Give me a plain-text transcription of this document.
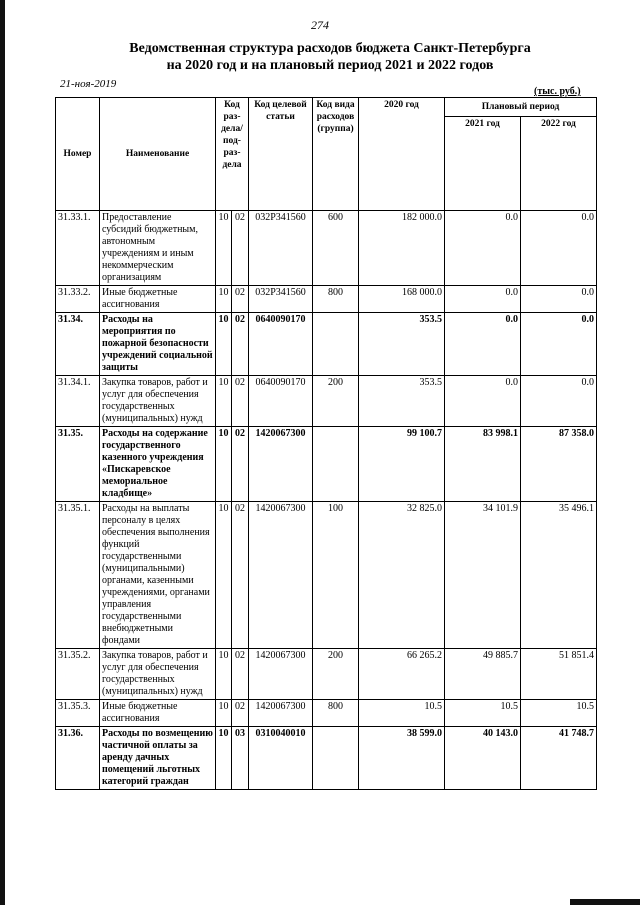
274
Ведомственная структура расходов бюджета Санкт-Петербурга
на 2020 год и на плановый период 2021 и 2022 годов
21-ноя-2019
(тыс. руб.)
Номер	Наименование	Код раз-дела/ под-раз-дела		Код целевой статьи	Код вида расходов (группа)	2020 год	Плановый период	
							2021 год	2022 год
31.33.1.	Предоставление субсидий бюджетным, автономным учреждениям и иным некоммерческим организациям	10	02	032P341560	600	182 000.0	0.0	0.0
31.33.2.	Иные бюджетные ассигнования	10	02	032P341560	800	168 000.0	0.0	0.0
31.34.	Расходы на мероприятия по пожарной безопасности учреждений социальной защиты	10	02	0640090170		353.5	0.0	0.0
31.34.1.	Закупка товаров, работ и услуг для обеспечения государственных (муниципальных) нужд	10	02	0640090170	200	353.5	0.0	0.0
31.35.	Расходы на содержание государственного казенного учреждения «Пискаревское мемориальное кладбище»	10	02	1420067300		99 100.7	83 998.1	87 358.0
31.35.1.	Расходы на выплаты персоналу в целях обеспечения выполнения функций государственными (муниципальными) органами, казенными учреждениями, органами управления государственными внебюджетными фондами	10	02	1420067300	100	32 825.0	34 101.9	35 496.1
31.35.2.	Закупка товаров, работ и услуг для обеспечения государственных (муниципальных) нужд	10	02	1420067300	200	66 265.2	49 885.7	51 851.4
31.35.3.	Иные бюджетные ассигнования	10	02	1420067300	800	10.5	10.5	10.5
31.36.	Расходы по возмещению частичной оплаты за аренду дачных помещений льготных категорий граждан	10	03	0310040010		38 599.0	40 143.0	41 748.7
